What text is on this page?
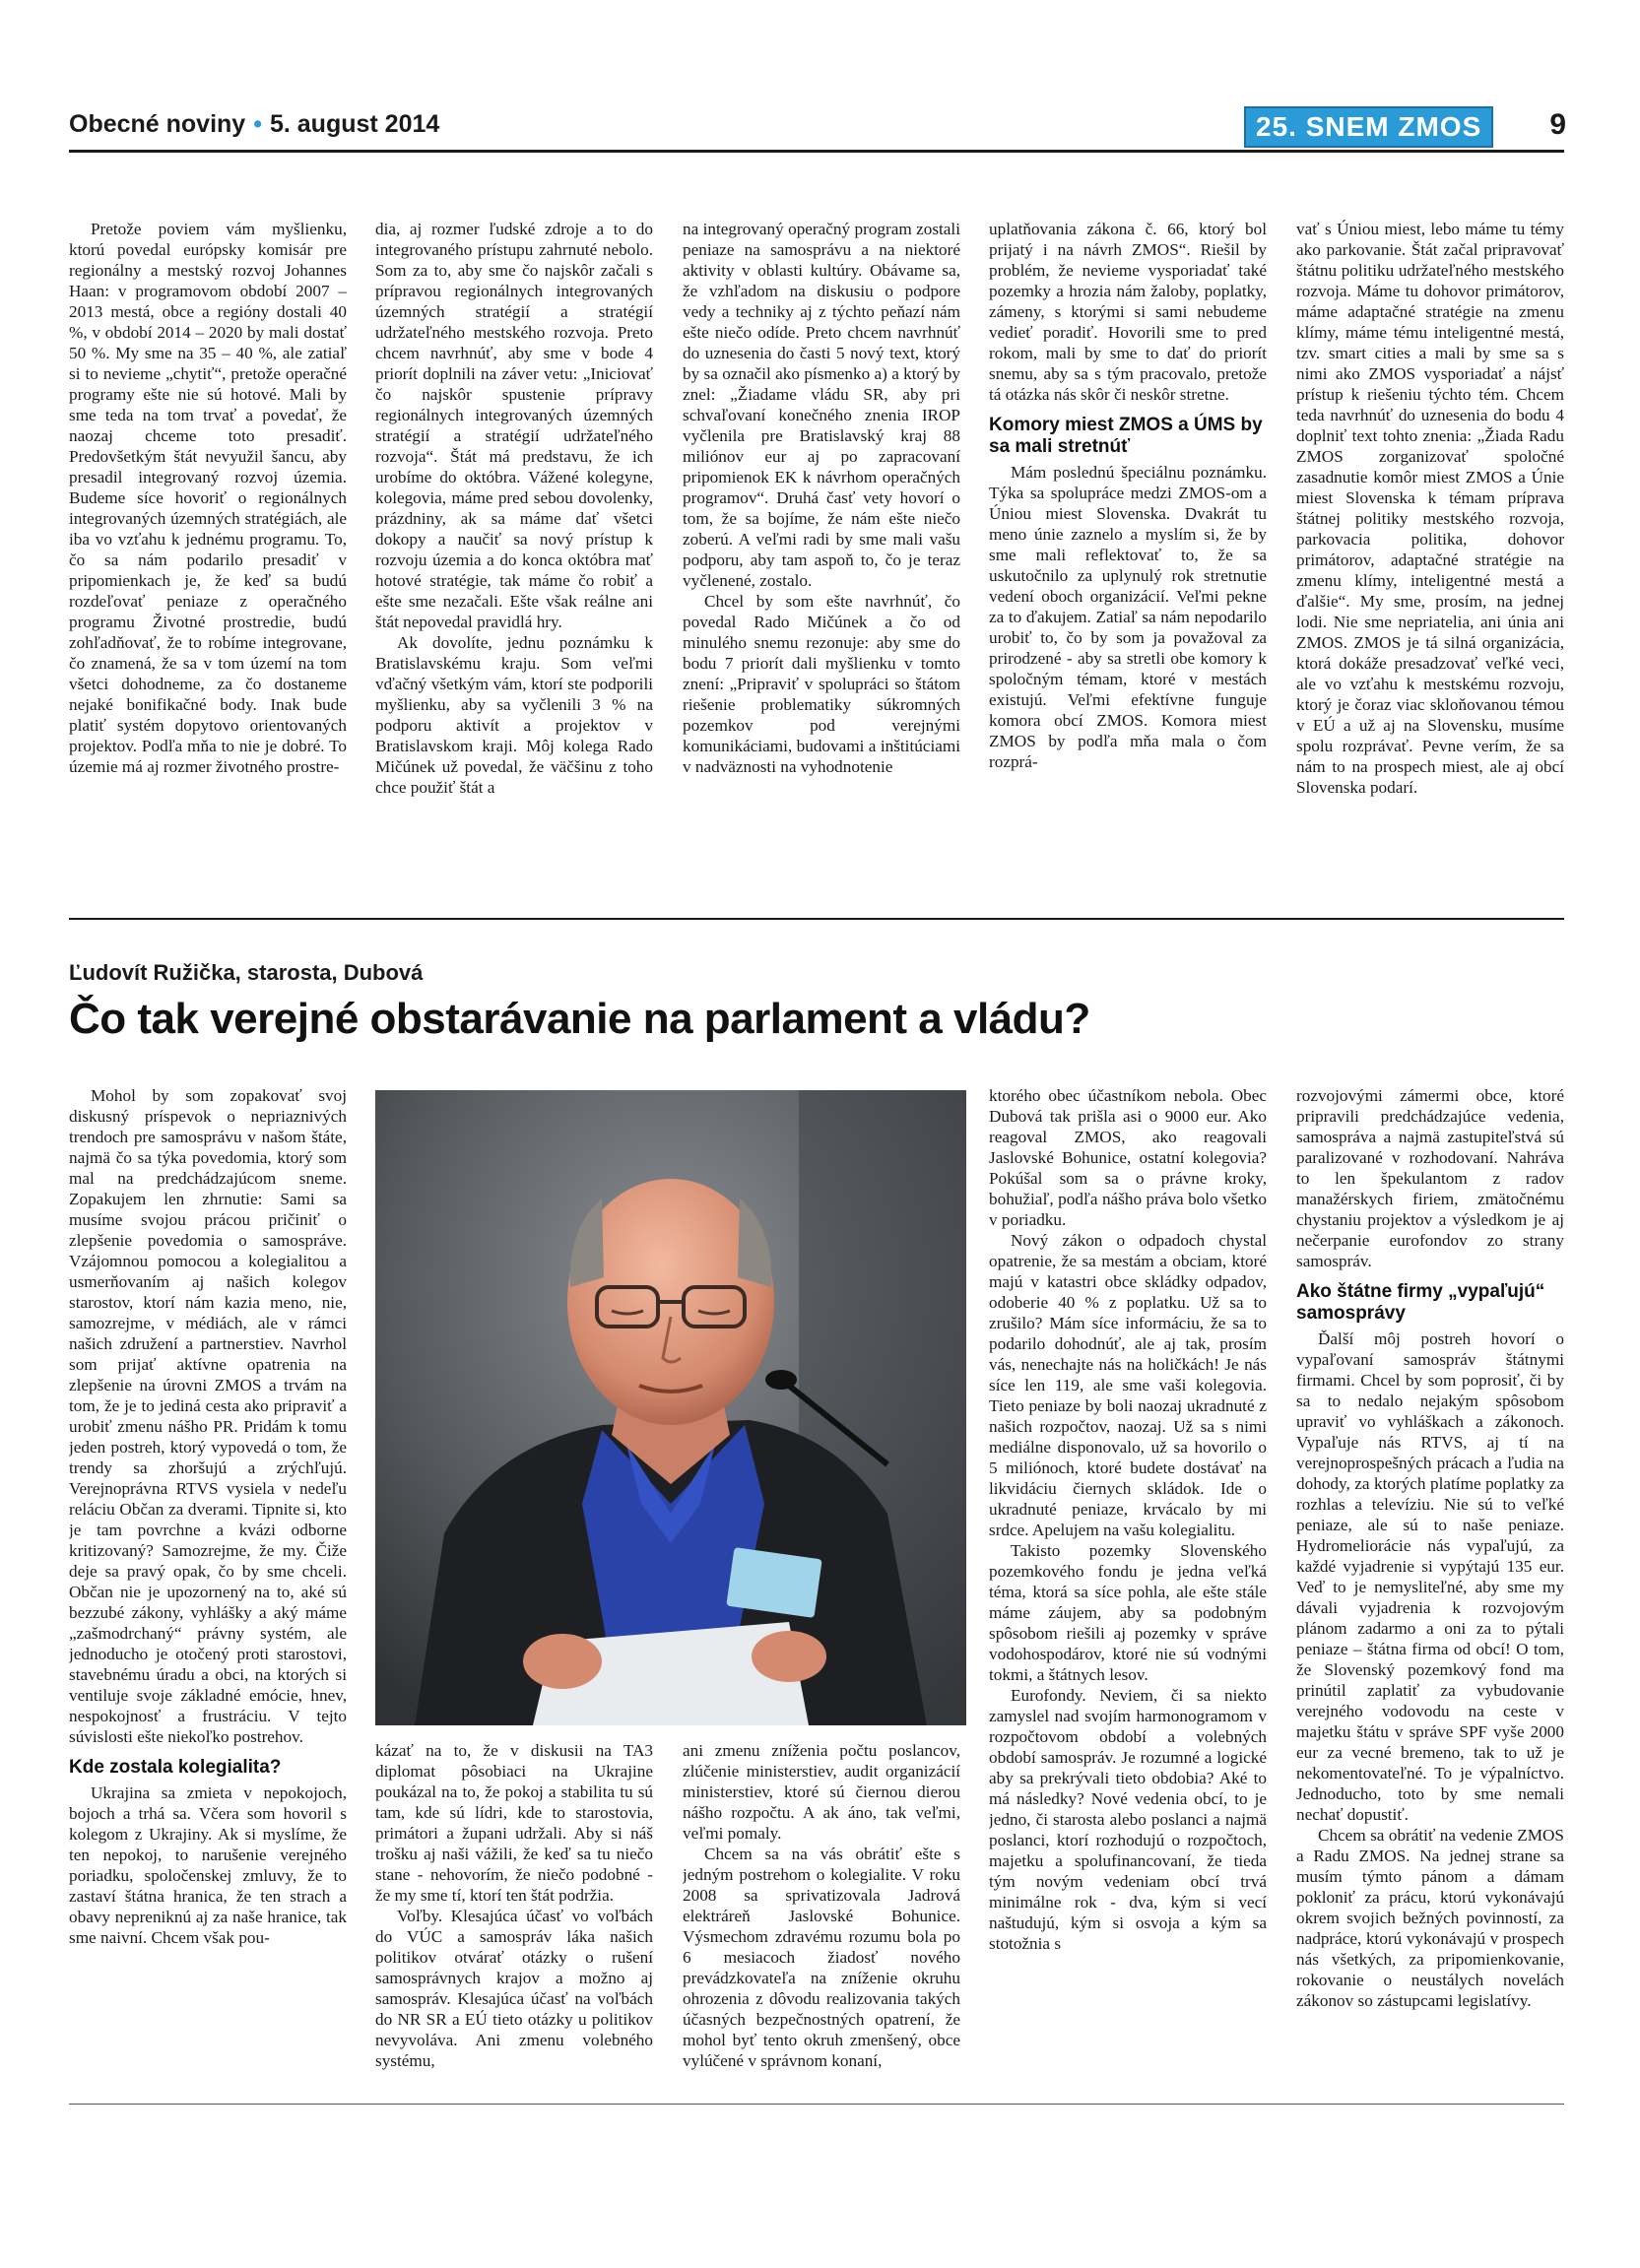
Obecné noviny • 5. august 2014	25. SNEM ZMOS	9

Pretože poviem vám myšlienku, ktorú povedal európsky komisár pre regionálny a mestský rozvoj Johannes Haan: v programovom období 2007 – 2013 mestá, obce a regióny dostali 40 %, v období 2014 – 2020 by mali dostať 50 %. My sme na 35 – 40 %, ale zatiaľ si to nevieme „chytiť“, pretože operačné programy ešte nie sú hotové. Mali by sme teda na tom trvať a povedať, že naozaj chceme toto presadiť. Predovšetkým štát nevyužil šancu, aby presadil integrovaný rozvoj územia. Budeme síce hovoriť o regionálnych integrovaných územných stratégiách, ale iba vo vzťahu k jednému programu. To, čo sa nám podarilo presadiť v pripomienkach je, že keď sa budú rozdeľovať peniaze z operačného programu Životné prostredie, budú zohľadňovať, že to robíme integrovane, čo znamená, že sa v tom území na tom všetci dohodneme, za čo dostaneme nejaké bonifikačné body. Inak bude platiť systém dopytovo orientovaných projektov. Podľa mňa to nie je dobré. To územie má aj rozmer životného prostre-

dia, aj rozmer ľudské zdroje a to do integrovaného prístupu zahrnuté nebolo. Som za to, aby sme čo najskôr začali s prípravou regionálnych integrovaných územných stratégií a stratégií udržateľného mestského rozvoja. Preto chcem navrhnúť, aby sme v bode 4 priorít doplnili na záver vetu: „Iniciovať čo najskôr spustenie prípravy regionálnych integrovaných územných stratégií a stratégií udržateľného rozvoja“. Štát má predstavu, že ich urobíme do októbra. Vážené kolegyne, kolegovia, máme pred sebou dovolenky, prázdniny, ak sa máme dať všetci dokopy a naučiť sa nový prístup k rozvoju územia a do konca októbra mať hotové stratégie, tak máme čo robiť a ešte sme nezačali. Ešte však reálne ani štát nepovedal pravidlá hry.

Ak dovolíte, jednu poznámku k Bratislavskému kraju. Som veľmi vďačný všetkým vám, ktorí ste podporili myšlienku, aby sa vyčlenili 3 % na podporu aktivít a projektov v Bratislavskom kraji. Môj kolega Rado Mičúnek už povedal, že väčšinu z toho chce použiť štát a

na integrovaný operačný program zostali peniaze na samosprávu a na niektoré aktivity v oblasti kultúry. Obávame sa, že vzhľadom na diskusiu o podpore vedy a techniky aj z týchto peňazí nám ešte niečo odíde. Preto chcem navrhnúť do uznesenia do časti 5 nový text, ktorý by sa označil ako písmenko a) a ktorý by znel: „Žiadame vládu SR, aby pri schvaľovaní konečného znenia IROP vyčlenila pre Bratislavský kraj 88 miliónov eur aj po zapracovaní pripomienok EK k návrhom operačných programov“. Druhá časť vety hovorí o tom, že sa bojíme, že nám ešte niečo zoberú. A veľmi radi by sme mali vašu podporu, aby tam aspoň to, čo je teraz vyčlenené, zostalo.

Chcel by som ešte navrhnúť, čo povedal Rado Mičúnek a čo od minulého snemu rezonuje: aby sme do bodu 7 priorít dali myšlienku v tomto znení: „Pripraviť v spolupráci so štátom riešenie problematiky súkromných pozemkov pod verejnými komunikáciami, budovami a inštitúciami v nadväznosti na vyhodnotenie

uplatňovania zákona č. 66, ktorý bol prijatý i na návrh ZMOS“. Riešil by problém, že nevieme vysporiadať také pozemky a hrozia nám žaloby, poplatky, zámeny, s ktorými si sami nebudeme vedieť poradiť. Hovorili sme to pred rokom, mali by sme to dať do priorít snemu, aby sa s tým pracovalo, pretože tá otázka nás skôr či neskôr stretne.

Komory miest ZMOS a ÚMS by sa mali stretnúť

Mám poslednú špeciálnu poznámku. Týka sa spolupráce medzi ZMOS-om a Úniou miest Slovenska. Dvakrát tu meno únie zaznelo a myslím si, že by sme mali reflektovať to, že sa uskutočnilo za uplynulý rok stretnutie vedení oboch organizácií. Veľmi pekne za to ďakujem. Zatiaľ sa nám nepodarilo urobiť to, čo by som ja považoval za prirodzené - aby sa stretli obe komory k spoločným témam, ktoré v mestách existujú. Veľmi efektívne funguje komora obcí ZMOS. Komora miest ZMOS by podľa mňa mala o čom rozprá-

vať s Úniou miest, lebo máme tu témy ako parkovanie. Štát začal pripravovať štátnu politiku udržateľného mestského rozvoja. Máme tu dohovor primátorov, máme adaptačné stratégie na zmenu klímy, máme tému inteligentné mestá, tzv. smart cities a mali by sme sa s nimi ako ZMOS vysporiadať a nájsť prístup k riešeniu týchto tém. Chcem teda navrhnúť do uznesenia do bodu 4 doplniť text tohto znenia: „Žiada Radu ZMOS zorganizovať spoločné zasadnutie komôr miest ZMOS a Únie miest Slovenska k témam príprava štátnej politiky mestského rozvoja, parkovacia politika, dohovor primátorov, adaptačné stratégie na zmenu klímy, inteligentné mestá a ďalšie“. My sme, prosím, na jednej lodi. Nie sme nepriatelia, ani únia ani ZMOS. ZMOS je tá silná organizácia, ktorá dokáže presadzovať veľké veci, ale vo vzťahu k mestskému rozvoju, ktorý je čoraz viac skloňovanou témou v EÚ a už aj na Slovensku, musíme spolu rozprávať. Pevne verím, že sa nám to na prospech miest, ale aj obcí Slovenska podarí.

Ľudovít Ružička, starosta, Dubová
Čo tak verejné obstarávanie na parlament a vládu?

Mohol by som zopakovať svoj diskusný príspevok o nepriaznivých trendoch pre samosprávu v našom štáte, najmä čo sa týka povedomia, ktorý som mal na predchádzajúcom sneme. Zopakujem len zhrnutie: Sami sa musíme svojou prácou pričiniť o zlepšenie povedomia o samospráve. Vzájomnou pomocou a kolegialitou a usmerňovaním aj našich kolegov starostov, ktorí nám kazia meno, nie, samozrejme, v médiách, ale v rámci našich združení a partnerstiev. Navrhol som prijať aktívne opatrenia na zlepšenie na úrovni ZMOS a trvám na tom, že je to jediná cesta ako pripraviť a urobiť zmenu nášho PR. Pridám k tomu jeden postreh, ktorý vypovedá o tom, že trendy sa zhoršujú a zrýchľujú. Verejnoprávna RTVS vysiela v nedeľu reláciu Občan za dverami. Tipnite si, kto je tam povrchne a kvázi odborne kritizovaný? Samozrejme, že my. Čiže deje sa pravý opak, čo by sme chceli. Občan nie je upozornený na to, aké sú bezzubé zákony, vyhlášky a aký máme „zašmodrchaný“ právny systém, ale jednoducho je otočený proti starostovi, stavebnému úradu a obci, na ktorých si ventiluje svoje základné emócie, hnev, nespokojnosť a frustráciu. V tejto súvislosti ešte niekoľko postrehov.

Kde zostala kolegialita?

Ukrajina sa zmieta v nepokojoch, bojoch a trhá sa. Včera som hovoril s kolegom z Ukrajiny. Ak si myslíme, že ten nepokoj, to narušenie verejného poriadku, spoločenskej zmluvy, že to zastaví štátna hranica, že ten strach a obavy nepreniknú aj za naše hranice, tak sme naivní. Chcem však pou-

kázať na to, že v diskusii na TA3 diplomat pôsobiaci na Ukrajine poukázal na to, že pokoj a stabilita tu sú tam, kde sú lídri, kde to starostovia, primátori a župani udržali. Aby si náš trošku aj naši vážili, že keď sa tu niečo stane - nehovorím, že niečo podobné - že my sme tí, ktorí ten štát podržia.

Voľby. Klesajúca účasť vo voľbách do VÚC a samospráv láka našich politikov otvárať otázky o rušení samosprávnych krajov a možno aj samospráv. Klesajúca účasť na voľbách do NR SR a EÚ tieto otázky u politikov nevyvoláva. Ani zmenu volebného systému,

ani zmenu zníženia počtu poslancov, zlúčenie ministerstiev, audit organizácií ministerstiev, ktoré sú čiernou dierou nášho rozpočtu. A ak áno, tak veľmi, veľmi pomaly.

Chcem sa na vás obrátiť ešte s jedným postrehom o kolegialite. V roku 2008 sa sprivatizovala Jadrová elektráreň Jaslovské Bohunice. Výsmechom zdravému rozumu bola po 6 mesiacoch žiadosť nového prevádzkovateľa na zníženie okruhu ohrozenia z dôvodu realizovania takých účasných bezpečnostných opatrení, že mohol byť tento okruh zmenšený, obce vylúčené v správnom konaní,

ktorého obec účastníkom nebola. Obec Dubová tak prišla asi o 9000 eur. Ako reagoval ZMOS, ako reagovali Jaslovské Bohunice, ostatní kolegovia? Pokúšal som sa o právne kroky, bohužiaľ, podľa nášho práva bolo všetko v poriadku.

Nový zákon o odpadoch chystal opatrenie, že sa mestám a obciam, ktoré majú v katastri obce skládky odpadov, odoberie 40 % z poplatku. Už sa to zrušilo? Mám síce informáciu, že sa to podarilo dohodnúť, ale aj tak, prosím vás, nenechajte nás na holičkách! Je nás síce len 119, ale sme vaši kolegovia. Tieto peniaze by boli naozaj ukradnuté z našich rozpočtov, naozaj. Už sa s nimi mediálne disponovalo, už sa hovorilo o 5 miliónoch, ktoré budete dostávať na likvidáciu čiernych skládok. Ide o ukradnuté peniaze, krvácalo by mi srdce. Apelujem na vašu kolegialitu.

Takisto pozemky Slovenského pozemkového fondu je jedna veľká téma, ktorá sa síce pohla, ale ešte stále máme záujem, aby sa podobným spôsobom riešili aj pozemky v správe vodohospodárov, ktoré nie sú vodnými tokmi, a štátnych lesov.

Eurofondy. Neviem, či sa niekto zamyslel nad svojím harmonogramom v rozpočtovom období a volebných období samospráv. Je rozumné a logické aby sa prekrývali tieto obdobia? Aké to má následky? Nové vedenia obcí, to je jedno, či starosta alebo poslanci a najmä poslanci, ktorí rozhodujú o rozpočtoch, majetku a spolufinancovaní, že tieda tým novým vedeniam obcí trvá minimálne rok - dva, kým si vecí naštudujú, kým si osvoja a kým sa stotožnia s

rozvojovými zámermi obce, ktoré pripravili predchádzajúce vedenia, samospráva a najmä zastupiteľstvá sú paralizované v rozhodovaní. Nahráva to len špekulantom z radov manažérskych firiem, zmätočnému chystaniu projektov a výsledkom je aj nečerpanie eurofondov zo strany samospráv.

Ako štátne firmy „vypaľujú“ samosprávy

Ďalší môj postreh hovorí o vypaľovaní samospráv štátnymi firmami. Chcel by som poprosiť, či by sa to nedalo nejakým spôsobom upraviť vo vyhláškach a zákonoch. Vypaľuje nás RTVS, aj tí na verejnoprospešných prácach a ľudia na dohody, za ktorých platíme poplatky za rozhlas a televíziu. Nie sú to veľké peniaze, ale sú to naše peniaze. Hydromeliorácie nás vypaľujú, za každé vyjadrenie si vypýtajú 135 eur. Veď to je nemysliteľné, aby sme my dávali vyjadrenia k rozvojovým plánom zadarmo a oni za to pýtali peniaze – štátna firma od obcí! O tom, že Slovenský pozemkový fond ma prinútil zaplatiť za vybudovanie verejného vodovodu na ceste v majetku štátu v správe SPF vyše 2000 eur za vecné bremeno, tak to už je nekomentovateľné. To je výpalníctvo. Jednoducho, toto by sme nemali nechať dopustiť.

Chcem sa obrátiť na vedenie ZMOS a Radu ZMOS. Na jednej strane sa musím týmto pánom a dámam pokloniť za prácu, ktorú vykonávajú okrem svojich bežných povinností, za nadpráce, ktorú vykonávajú v prospech nás všetkých, za pripomienkovanie, rokovanie o neustálych novelách zákonov so zástupcami legislatívy.
